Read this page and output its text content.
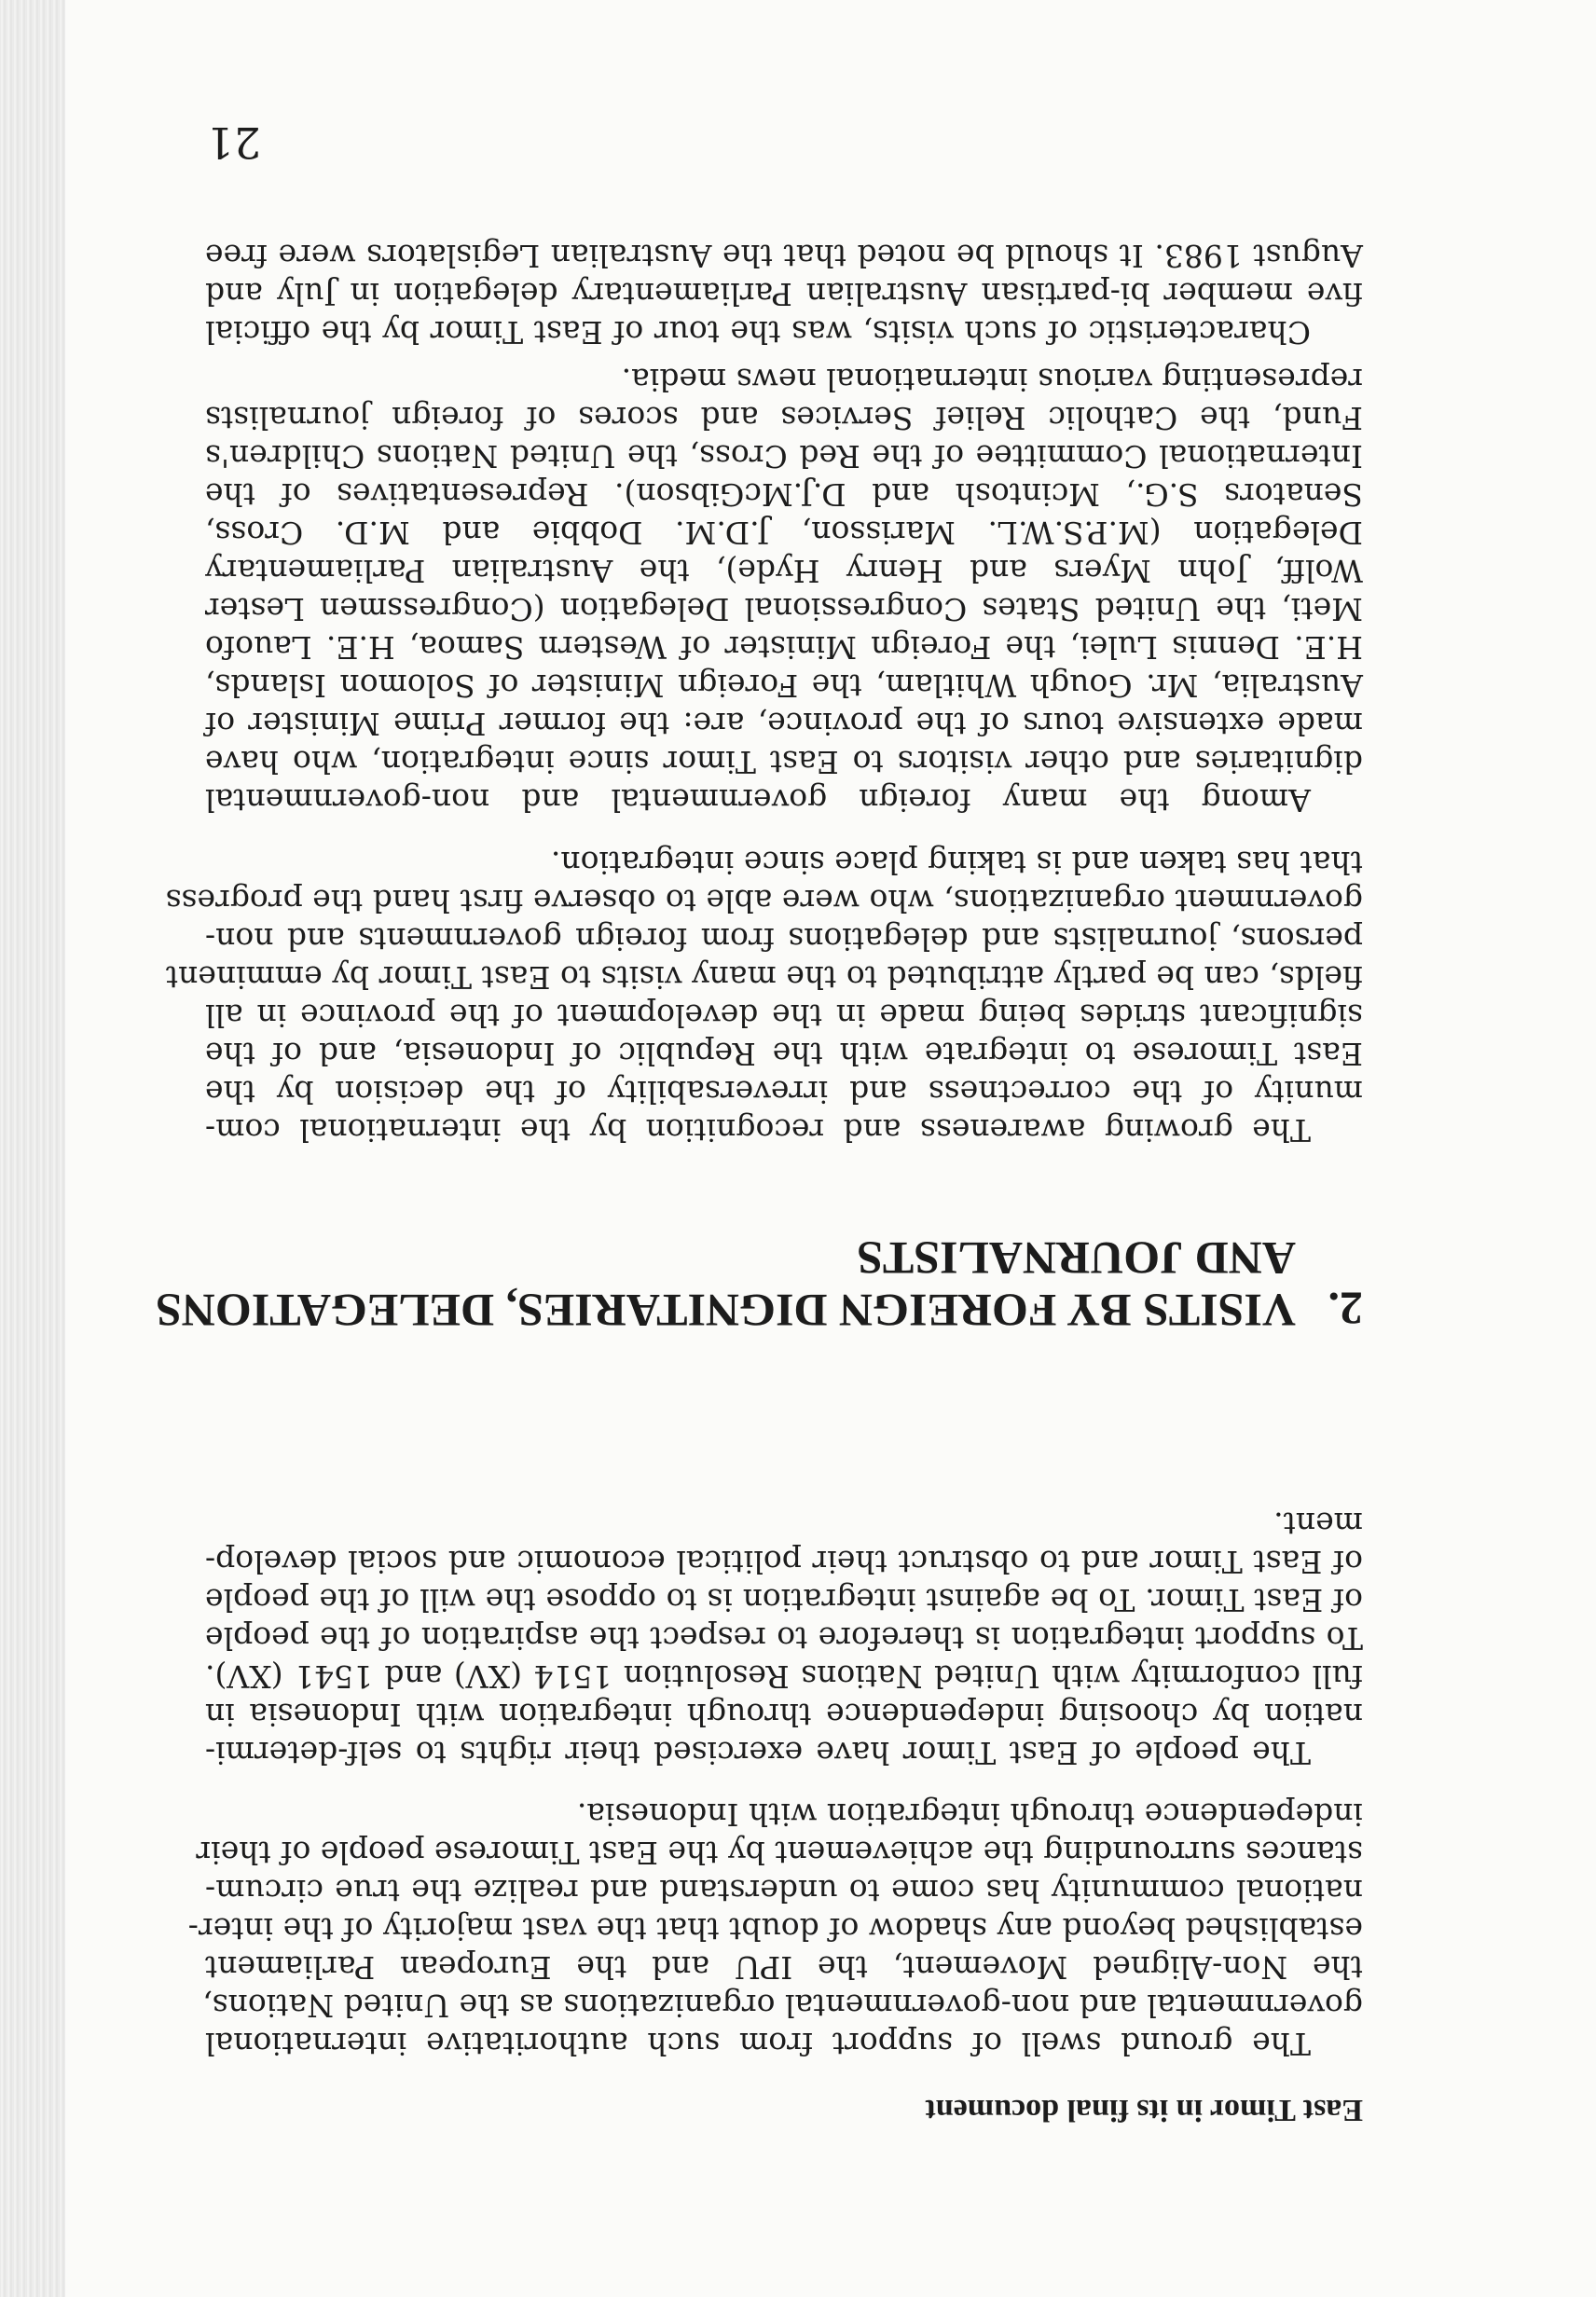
East Timor in its final document
The ground swell of support from such authoritative international
governmental and non-governmental organizations as the United Nations,
the Non-Aligned Movement, the IPU and the European Parliament
established beyond any shadow of doubt that the vast majority of the inter-
national community has come to understand and realize the true circum-
stances surrounding the achievement by the East Timorese people of their
independence through integration with Indonesia.
The people of East Timor have exercised their rights to self-determi-
nation by choosing independence through integration with Indonesia in
full conformity with United Nations Resolution 1514 (XV) and 1541 (XV).
To support integration is therefore to respect the aspiration of the people
of East Timor. To be against integration is to oppose the will of the people
of East Timor and to obstruct their political economic and social develop-
ment.
The growing awareness and recognition by the international com-
munity of the correctness and irreversability of the decision by the
East Timorese to integrate with the Republic of Indonesia, and of the
significant strides being made in the development of the province in all
fields, can be partly attributed to the many visits to East Timor by emminent
persons, journalists and delegations from foreign governments and non-
government organizations, who were able to observe first hand the progress
that has taken and is taking place since integration.
Among the many foreign governmental and non-governmental
dignitaries and other visitors to East Timor since integration, who have
made extensive tours of the province, are: the former Prime Minister of
Australia, Mr. Gough Whitlam, the Foreign Minister of Solomon Islands,
H.E. Dennis Lulei, the Foreign Minister of Western Samoa, H.E. Lauofo
Meti, the United States Congressional Delegation (Congressmen Lester
Wolff, John Myers and Henry Hyde), the Australian Parliamentary
Delegation (M.P.S.W.L. Marisson, J.D.M. Dobbie and M.D. Cross,
Senators S.G., Mcintosh and D.J.McGibson). Representatives of the
International Committee of the Red Cross, the United Nations Children's
Fund, the Catholic Relief Services and scores of foreign journalists
representing various international news media.
Characteristic of such visits, was the tour of East Timor by the official
five member bi-partisan Australian Parliamentary delegation in July and
August 1983. It should be noted that the Australian Legislators were free
2.
VISITS BY FOREIGN DIGNITARIES, DELEGATIONS
AND JOURNALISTS
21
